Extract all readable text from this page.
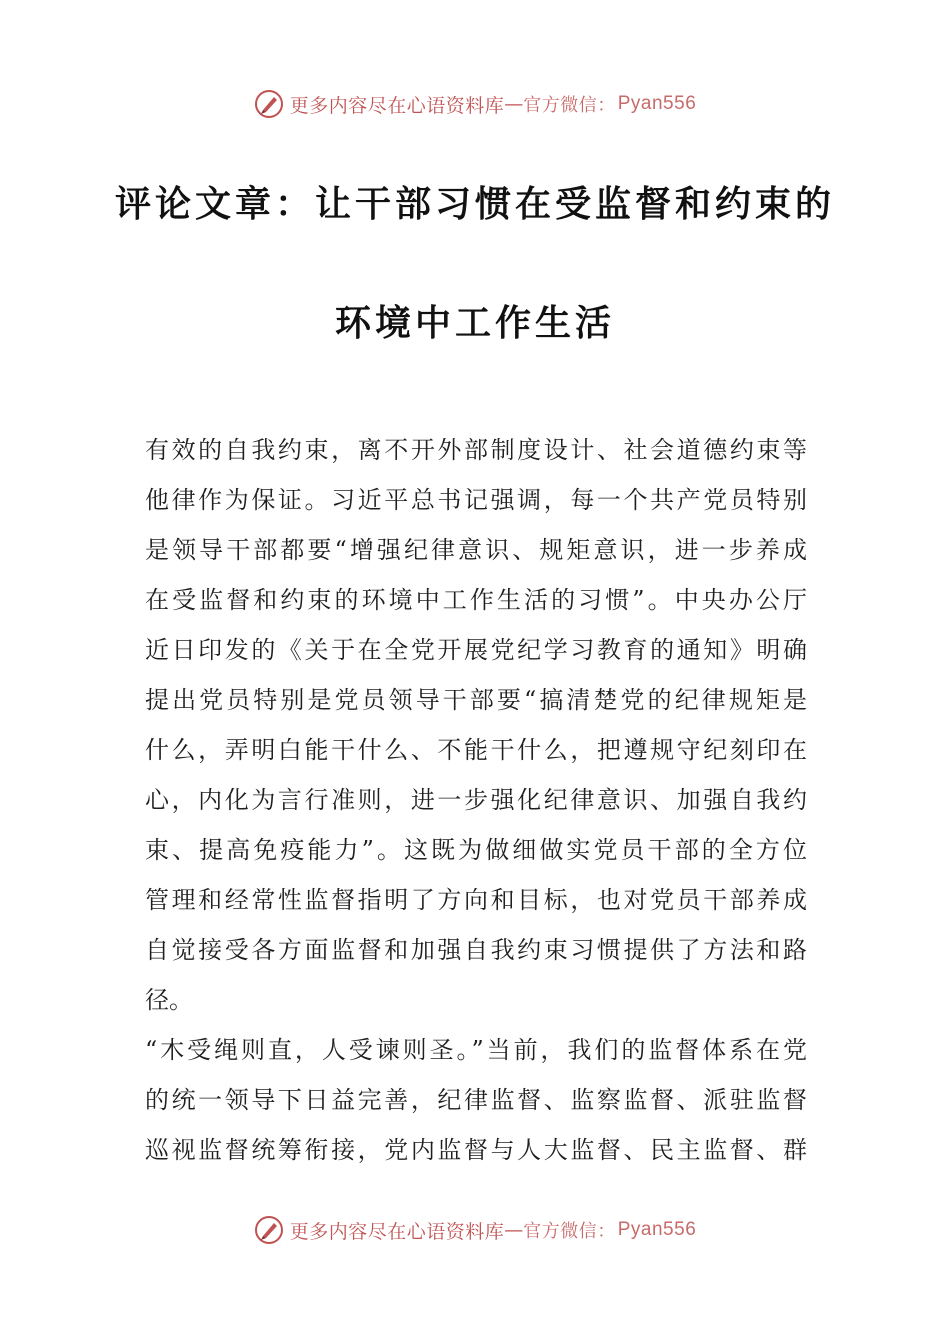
更多内容尽在心语资料库 — 官方微信： Pyan556
评论文章：让干部习惯在受监督和约束的
环境中工作生活
有效的自我约束，离不开外部制度设计、社会道德约束等
他律作为保证。习近平总书记强调，每一个共产党员特别
是领导干部都要“增强纪律意识、规矩意识，进一步养成
在受监督和约束的环境中工作生活的习惯”。中央办公厅
近日印发的《关于在全党开展党纪学习教育的通知》明确
提出党员特别是党员领导干部要“搞清楚党的纪律规矩是
什么，弄明白能干什么、不能干什么，把遵规守纪刻印在
心，内化为言行准则，进一步强化纪律意识、加强自我约
束、提高免疫能力”。这既为做细做实党员干部的全方位
管理和经常性监督指明了方向和目标，也对党员干部养成
自觉接受各方面监督和加强自我约束习惯提供了方法和路
径。
“木受绳则直，人受谏则圣。”当前，我们的监督体系在党
的统一领导下日益完善，纪律监督、监察监督、派驻监督
巡视监督统筹衔接，党内监督与人大监督、民主监督、群
更多内容尽在心语资料库 — 官方微信： Pyan556
